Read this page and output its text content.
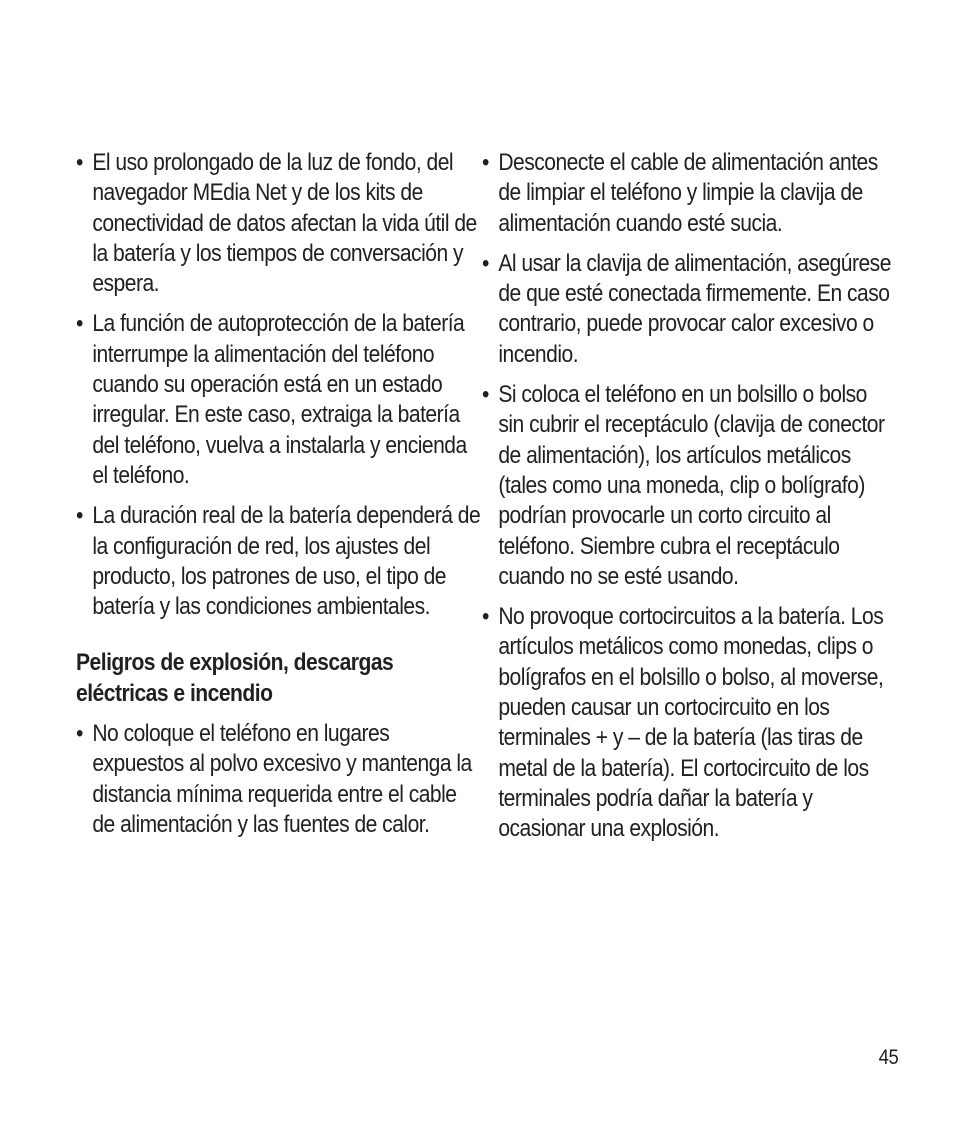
• El uso prolongado de la luz de fondo, del navegador MEdia Net y de los kits de conectividad de datos afectan la vida útil de la batería y los tiempos de conversación y espera.
• La función de autoprotección de la batería interrumpe la alimentación del teléfono cuando su operación está en un estado irregular. En este caso, extraiga la batería del teléfono, vuelva a instalarla y encienda el teléfono.
• La duración real de la batería dependerá de la configuración de red, los ajustes del producto, los patrones de uso, el tipo de batería y las condiciones ambientales.
Peligros de explosión, descargas eléctricas e incendio
• No coloque el teléfono en lugares expuestos al polvo excesivo y mantenga la distancia mínima requerida entre el cable de alimentación y las fuentes de calor.
• Desconecte el cable de alimentación antes de limpiar el teléfono y limpie la clavija de alimentación cuando esté sucia.
• Al usar la clavija de alimentación, asegúrese de que esté conectada firmemente. En caso contrario, puede provocar calor excesivo o incendio.
• Si coloca el teléfono en un bolsillo o bolso sin cubrir el receptáculo (clavija de conector de alimentación), los artículos metálicos (tales como una moneda, clip o bolígrafo) podrían provocarle un corto circuito al teléfono. Siembre cubra el receptáculo cuando no se esté usando.
• No provoque cortocircuitos a la batería. Los artículos metálicos como monedas, clips o bolígrafos en el bolsillo o bolso, al moverse, pueden causar un cortocircuito en los terminales + y – de la batería (las tiras de metal de la batería). El cortocircuito de los terminales podría dañar la batería y ocasionar una explosión.
45
